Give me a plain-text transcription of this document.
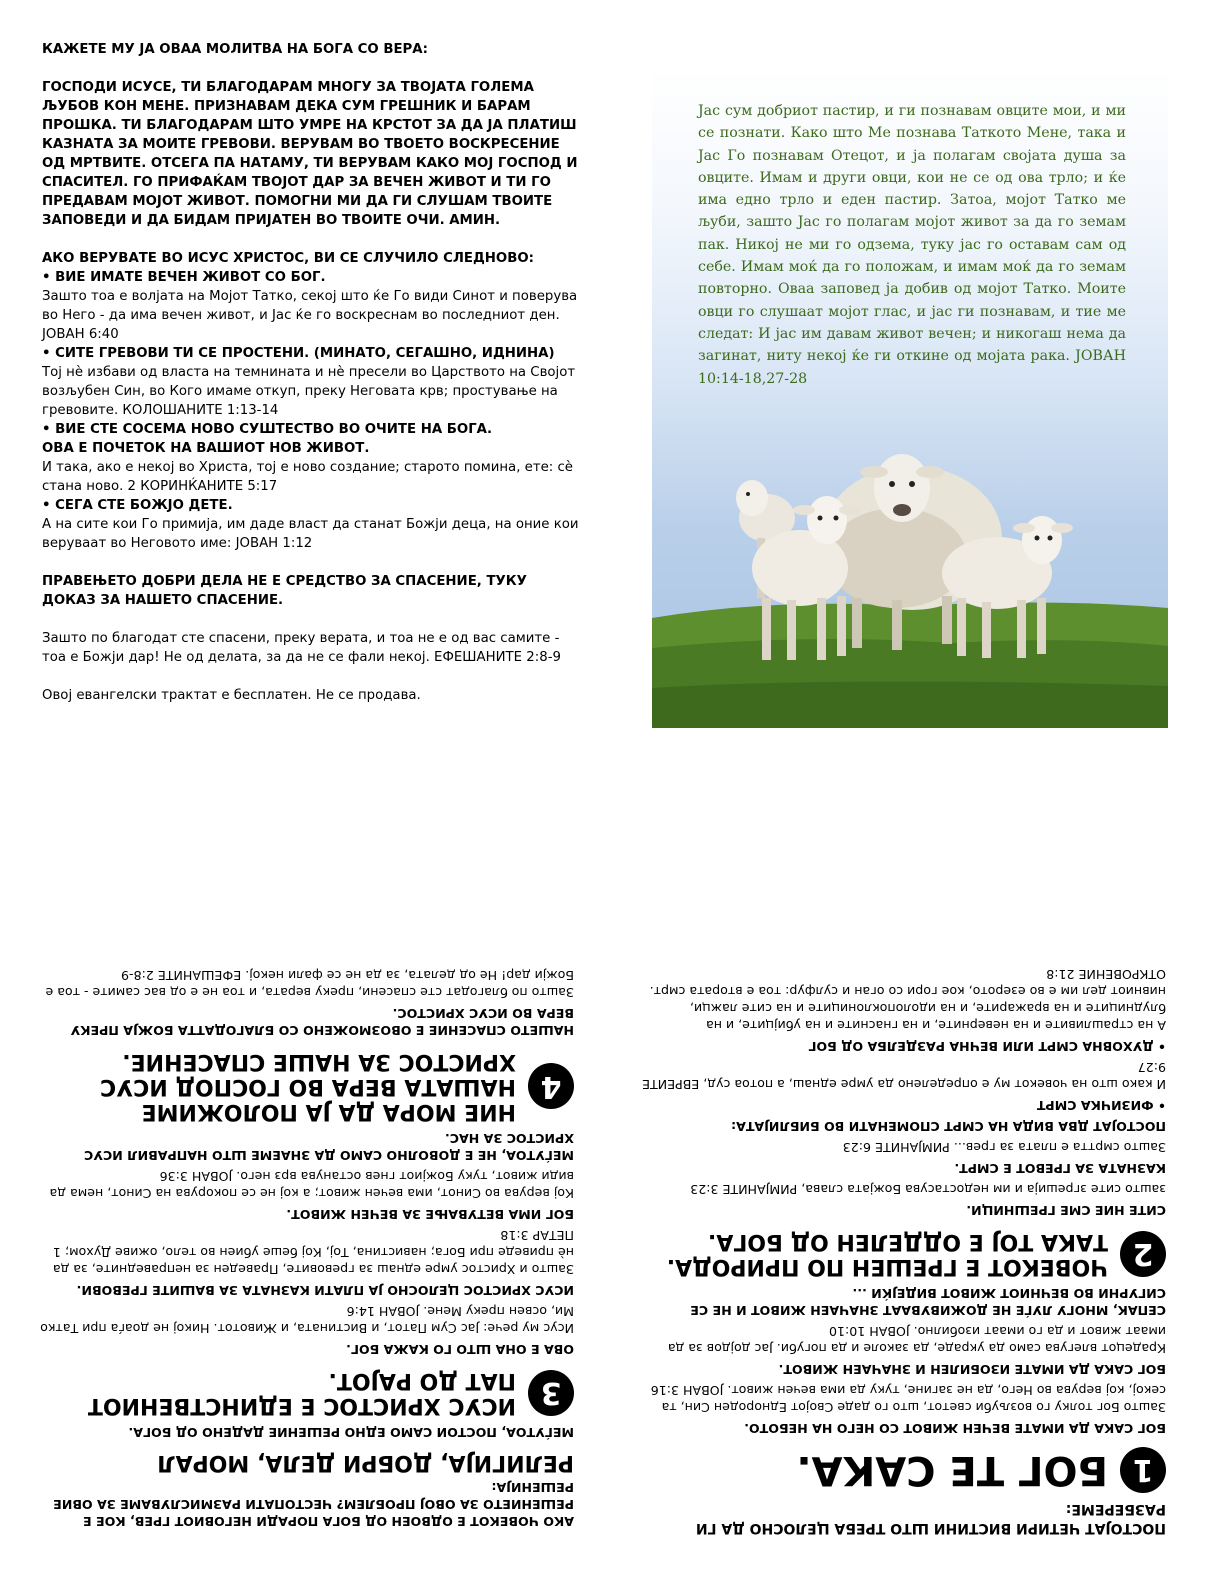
КАЖЕТЕ МУ ЈА ОВАА МОЛИТВА НА БОГА СО ВЕРА:

ГОСПОДИ ИСУСЕ, ТИ БЛАГОДАРАМ МНОГУ ЗА ТВОЈАТА ГОЛЕМА ЉУБОВ КОН МЕНЕ. ПРИЗНАВАМ ДЕКА СУМ ГРЕШНИК И БАРАМ ПРОШКА. ТИ БЛАГОДАРАМ ШТО УМРЕ НА КРСТОТ ЗА ДА ЈА ПЛАТИШ КАЗНАТА ЗА МОИТЕ ГРЕВОВИ. ВЕРУВАМ ВО ТВОЕТО ВОСКРЕСЕНИЕ ОД МРТВИТЕ. ОТСЕГА ПА НАТАМУ, ТИ ВЕРУВАМ КАКО МОЈ ГОСПОД И СПАСИТЕЛ. ГО ПРИФАЌАМ ТВОЈОТ ДАР ЗА ВЕЧЕН ЖИВОТ И ТИ ГО ПРЕДАВАМ МОЈОТ ЖИВОТ. ПОМОГНИ МИ ДА ГИ СЛУШАМ ТВОИТЕ ЗАПОВЕДИ И ДА БИДАМ ПРИЈАТЕН ВО ТВОИТЕ ОЧИ. АМИН.

АКО ВЕРУВАТЕ ВО ИСУС ХРИСТОС, ВИ СЕ СЛУЧИЛО СЛЕДНОВО:
• ВИЕ ИМАТЕ ВЕЧЕН ЖИВОТ СО БОГ.
Зашто тоа е волјата на Мојот Татко, секој што ќе Го види Синот и поверува во Него - да има вечен живот, и Јас ќе го воскреснам во последниот ден. ЈОВАН 6:40
• СИТЕ ГРЕВОВИ ТИ СЕ ПРОСТЕНИ. (МИНАТО, СЕГАШНО, ИДНИНА)
Тој нè избави од власта на темнината и нè пресели во Царството на Својот возљубен Син, во Кого имаме откуп, преку Неговата крв; простување на гревовите. КОЛОШАНИТЕ 1:13-14
• ВИЕ СТЕ СОСЕМА НОВО СУШТЕСТВО ВО ОЧИТЕ НА БОГА.
ОВА Е ПОЧЕТОК НА ВАШИОТ НОВ ЖИВОТ.
И така, ако е некој во Христа, тој е ново создание; старото помина, ете: сè стана ново. 2 КОРИНЌАНИТЕ 5:17
• СЕГА СТЕ БОЖЈО ДЕТЕ.
А на сите кои Го примија, им даде власт да станат Божји деца, на оние кои веруваат во Неговото име: ЈОВАН 1:12

ПРАВЕЊЕТО ДОБРИ ДЕЛА НЕ Е СРЕДСТВО ЗА СПАСЕНИЕ, ТУКУ ДОКАЗ ЗА НАШЕТО СПАСЕНИЕ.

Зашто по благодат сте спасени, преку верата, и тоа не е од вас самите - тоа е Божји дар! Не од делата, за да не се фали некој. ЕФЕШАНИТЕ 2:8-9

Овој евангелски трактат е бесплатен. Не се продава.

Јас сум добриот пастир, и ги познавам овците мои, и ми се познати. Како што Ме познава Таткото Мене, така и Јас Го познавам Отецот, и ја полагам својата душа за овците. Имам и други овци, кои не се од ова трло; и ќе има едно трло и еден пастир. Затоа, мојот Татко ме љуби, зашто Јас го полагам мојот живот за да го земам пак. Никој не ми го одзема, туку јас го оставам сам од себе. Имам моќ да го положам, и имам моќ да го земам повторно. Оваа заповед ја добив од мојот Татко. Моите овци го слушаат мојот глас, и јас ги познавам, и тие ме следат: И јас им давам живот вечен; и никогаш нема да загинат, ниту некој ќе ги откине од мојата рака. ЈОВАН 10:14-18,27-28

АКО ЧОВЕКОТ Е ОДВОЕН ОД БОГА ПОРАДИ НЕГОВИОТ ГРЕВ, КОЕ Е РЕШЕНИЕТО ЗА ОВОЈ ПРОБЛЕМ? ЧЕСТОПАТИ РАЗМИСЛУВАМЕ ЗА ОВИЕ РЕШЕНИЈА:

РЕЛИГИЈА, ДОБРИ ДЕЛА, МОРАЛ

МЕЃУТОА, ПОСТОИ САМО ЕДНО РЕШЕНИЕ ДАДЕНО ОД БОГА.

3
ИСУС ХРИСТОС Е ЕДИНСТВЕНИОТ ПАТ ДО РАЈОТ.

ОВА Е ОНА ШТО ГО КАЖА БОГ.

Исус му рече: Јас Сум Патот, и Вистината, и Животот. Никој не доаѓа при Татко Ми, освен преку Мене. ЈОВАН 14:6

ИСУС ХРИСТОС ЦЕЛОСНО ЈА ПЛАТИ КАЗНАТА ЗА ВАШИТЕ ГРЕВОВИ.

Зашто и Христос умре еднаш за гревовите, Праведен за неправедните, за да нè приведе при Бога; навистина, Тој, Кој беше убиен во тело, оживе Духом; 1 ПЕТАР 3:18

БОГ ИМА ВЕТУВАЊЕ ЗА ВЕЧЕН ЖИВОТ.

Кој верува во Синот, има вечен живот; а кој не се покорува на Синот, нема да види живот, туку Божјиот гнев останува врз него. ЈОВАН 3:36

МЕЃУТОА, НЕ Е ДОВОЛНО САМО ДА ЗНАЕМЕ ШТО НАПРАВИЛ ИСУС ХРИСТОС ЗА НАС.

4
НИЕ МОРА ДА ЈА ПОЛОЖИМЕ НАШАТА ВЕРА ВО ГОСПОД ИСУС ХРИСТОС ЗА НАШЕ СПАСЕНИЕ.

НАШЕТО СПАСЕНИЕ Е ОВОЗМОЖЕНО СО БЛАГОДАТТА БОЖЈА ПРЕКУ ВЕРА ВО ИСУС ХРИСТОС.

Зашто по благодат сте спасени, преку верата, и тоа не е од вас самите - тоа е Божји дар! Не од делата, за да не се фали некој. ЕФЕШАНИТЕ 2:8-9

ПОСТОЈАТ ЧЕТИРИ ВИСТИНИ ШТО ТРЕБА ЦЕЛОСНО ДА ГИ РАЗБЕРЕМЕ:

1
БОГ ТЕ САКА.

БОГ САКА ДА ИМАТЕ ВЕЧЕН ЖИВОТ СО НЕГО НА НЕБОТО.

Зашто Бог толку го возљуби светот, што го даде Својот Еднороден Син, та секој, кој верува во Него, да не загине, туку да има вечен живот. ЈОВАН 3:16

БОГ САКА ДА ИМАТЕ ИЗОБИЛЕН И ЗНАЧАЕН ЖИВОТ.

Крадецот влегува само да украде, да заколе и да погуби. Јас дојдов за да имаат живот и да го имаат изобилно. ЈОВАН 10:10

СЕПАК, МНОГУ ЛУЃЕ НЕ ДОЖИВУВААТ ЗНАЧАЕН ЖИВОТ И НЕ СЕ СИГУРНИ ВО ВЕЧНИОТ ЖИВОТ ВИДЕЈЌИ ...

2
ЧОВЕКОТ Е ГРЕШЕН ПО ПРИРОДА. ТАКА ТОЈ Е ОДДЕЛЕН ОД БОГА.

СИТЕ НИЕ СМЕ ГРЕШНИЦИ.

зашто сите згрешија и им недостасува Божјата слава, РИМЈАНИТЕ 3:23

КАЗНАТА ЗА ГРЕВОТ Е СМРТ.

Зашто смртта е плата за грев... РИМЈАНИТЕ 6:23

ПОСТОЈАТ ДВА ВИДА НА СМРТ СПОМЕНАТИ ВО БИБЛИЈАТА:

• ФИЗИЧКА СМРТ

И како што на човекот му е определено да умре еднаш, а потоа суд, ЕВРЕИТЕ 9:27

• ДУХОВНА СМРТ ИЛИ ВЕЧНА РАЗДЕЛБА ОД БОГ

А на страшливите и на неверните, и на гнасните и на убијците, и на блудниците и на вражарите, и на идолопоклониците и на сите лажци, нивниот дел им е во езерото, кое гори со оган и сулфур: тоа е втората смрт. ОТКРОВЕНИЕ 21:8
